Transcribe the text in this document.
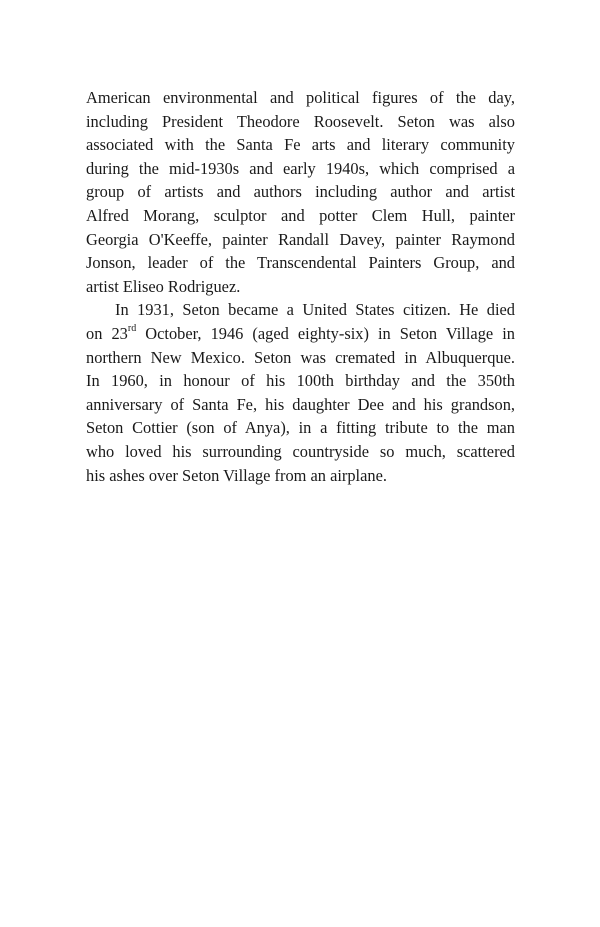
American environmental and political figures of the day,
including President Theodore Roosevelt. Seton was also
associated with the Santa Fe arts and literary community
during the mid-1930s and early 1940s, which comprised a
group of artists and authors including author and artist
Alfred Morang, sculptor and potter Clem Hull, painter
Georgia O'Keeffe, painter Randall Davey, painter Raymond
Jonson, leader of the Transcendental Painters Group, and
artist Eliseo Rodriguez.
In 1931, Seton became a United States citizen. He died
on 23rd October, 1946 (aged eighty-six) in Seton Village in
northern New Mexico. Seton was cremated in Albuquerque.
In 1960, in honour of his 100th birthday and the 350th
anniversary of Santa Fe, his daughter Dee and his grandson,
Seton Cottier (son of Anya), in a fitting tribute to the man
who loved his surrounding countryside so much, scattered
his ashes over Seton Village from an airplane.
